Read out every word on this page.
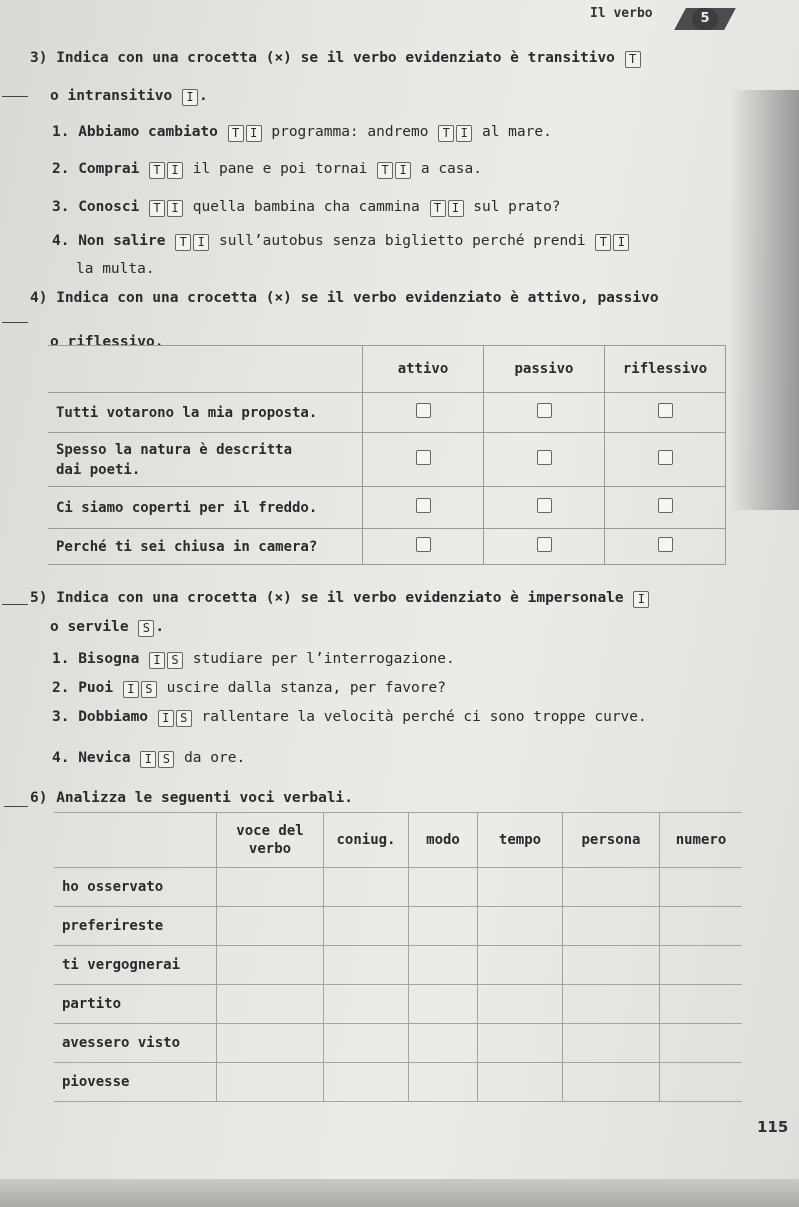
Il verbo	5
3) Indica con una crocetta (×) se il verbo evidenziato è transitivo T
o intransitivo I .
1. Abbiamo cambiato T I programma: andremo T I al mare.
2. Comprai T I il pane e poi tornai T I a casa.
3. Conosci T I quella bambina cha cammina T I sul prato?
4. Non salire T I sull’autobus senza biglietto perché prendi T I
la multa.
4) Indica con una crocetta (×) se il verbo evidenziato è attivo, passivo
o riflessivo.
	attivo	passivo	riflessivo
Tutti votarono la mia proposta.			

Spesso la natura è descritta dai poeti.			

Ci siamo coperti per il freddo.			
Perché ti sei chiusa in camera?			
5) Indica con una crocetta (×) se il verbo evidenziato è impersonale I
o servile S .
1. Bisogna I S studiare per l’interrogazione.
2. Puoi I S uscire dalla stanza, per favore?
3. Dobbiamo I S rallentare la velocità perché ci sono troppe curve.
4. Nevica I S da ore.
6) Analizza le seguenti voci verbali.

	voce del verbo	coniug.	modo	tempo	persona	numero
ho osservato						
preferireste						
ti vergognerai						
partito						
avessero visto						
piovesse						
115
